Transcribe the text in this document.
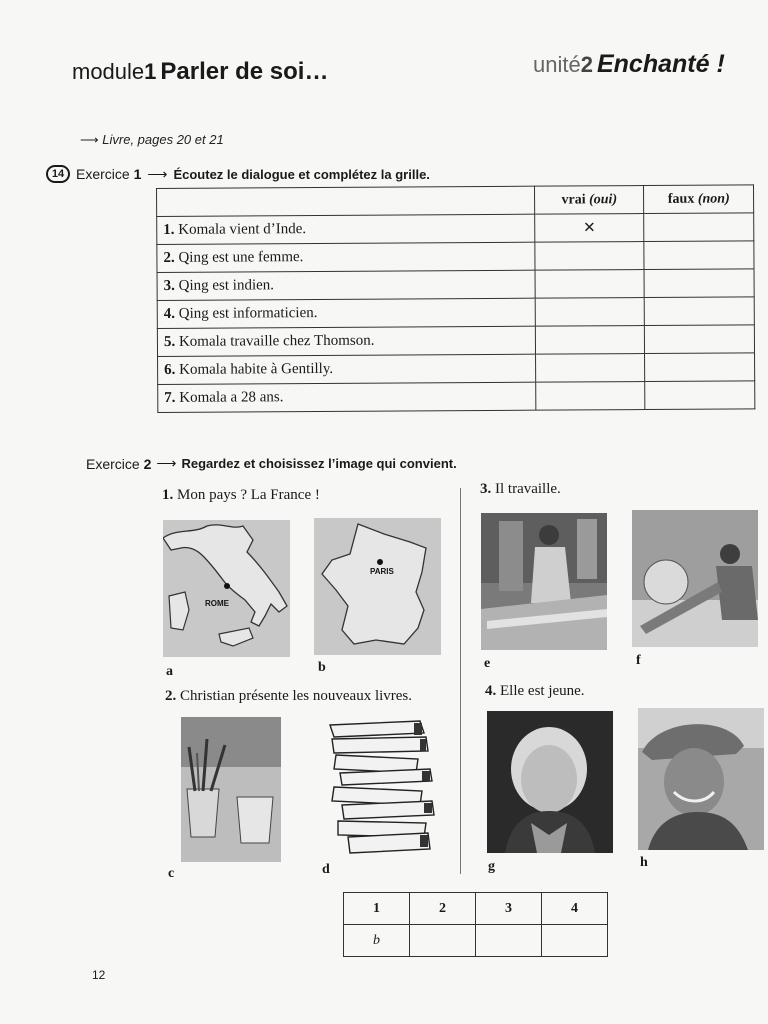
module1 Parler de soi…	unité2 Enchanté !
⟶ Livre, pages 20 et 21
14 Exercice 1 ⟶ Écoutez le dialogue et complétez la grille.
	vrai (oui)	faux (non)
1. Komala vient d’Inde.	✕	
2. Qing est une femme.		
3. Qing est indien.		
4. Qing est informaticien.		
5. Komala travaille chez Thomson.		
6. Komala habite à Gentilly.		
7. Komala a 28 ans.		
Exercice 2 ⟶ Regardez et choisissez l’image qui convient.
1. Mon pays ? La France !	3. Il travaille.
2. Christian présente les nouveaux livres.	4. Elle est jeune.
ROME
a
PARIS
b	e	f
c	d	g	h
1	2	3	4
b			
12
